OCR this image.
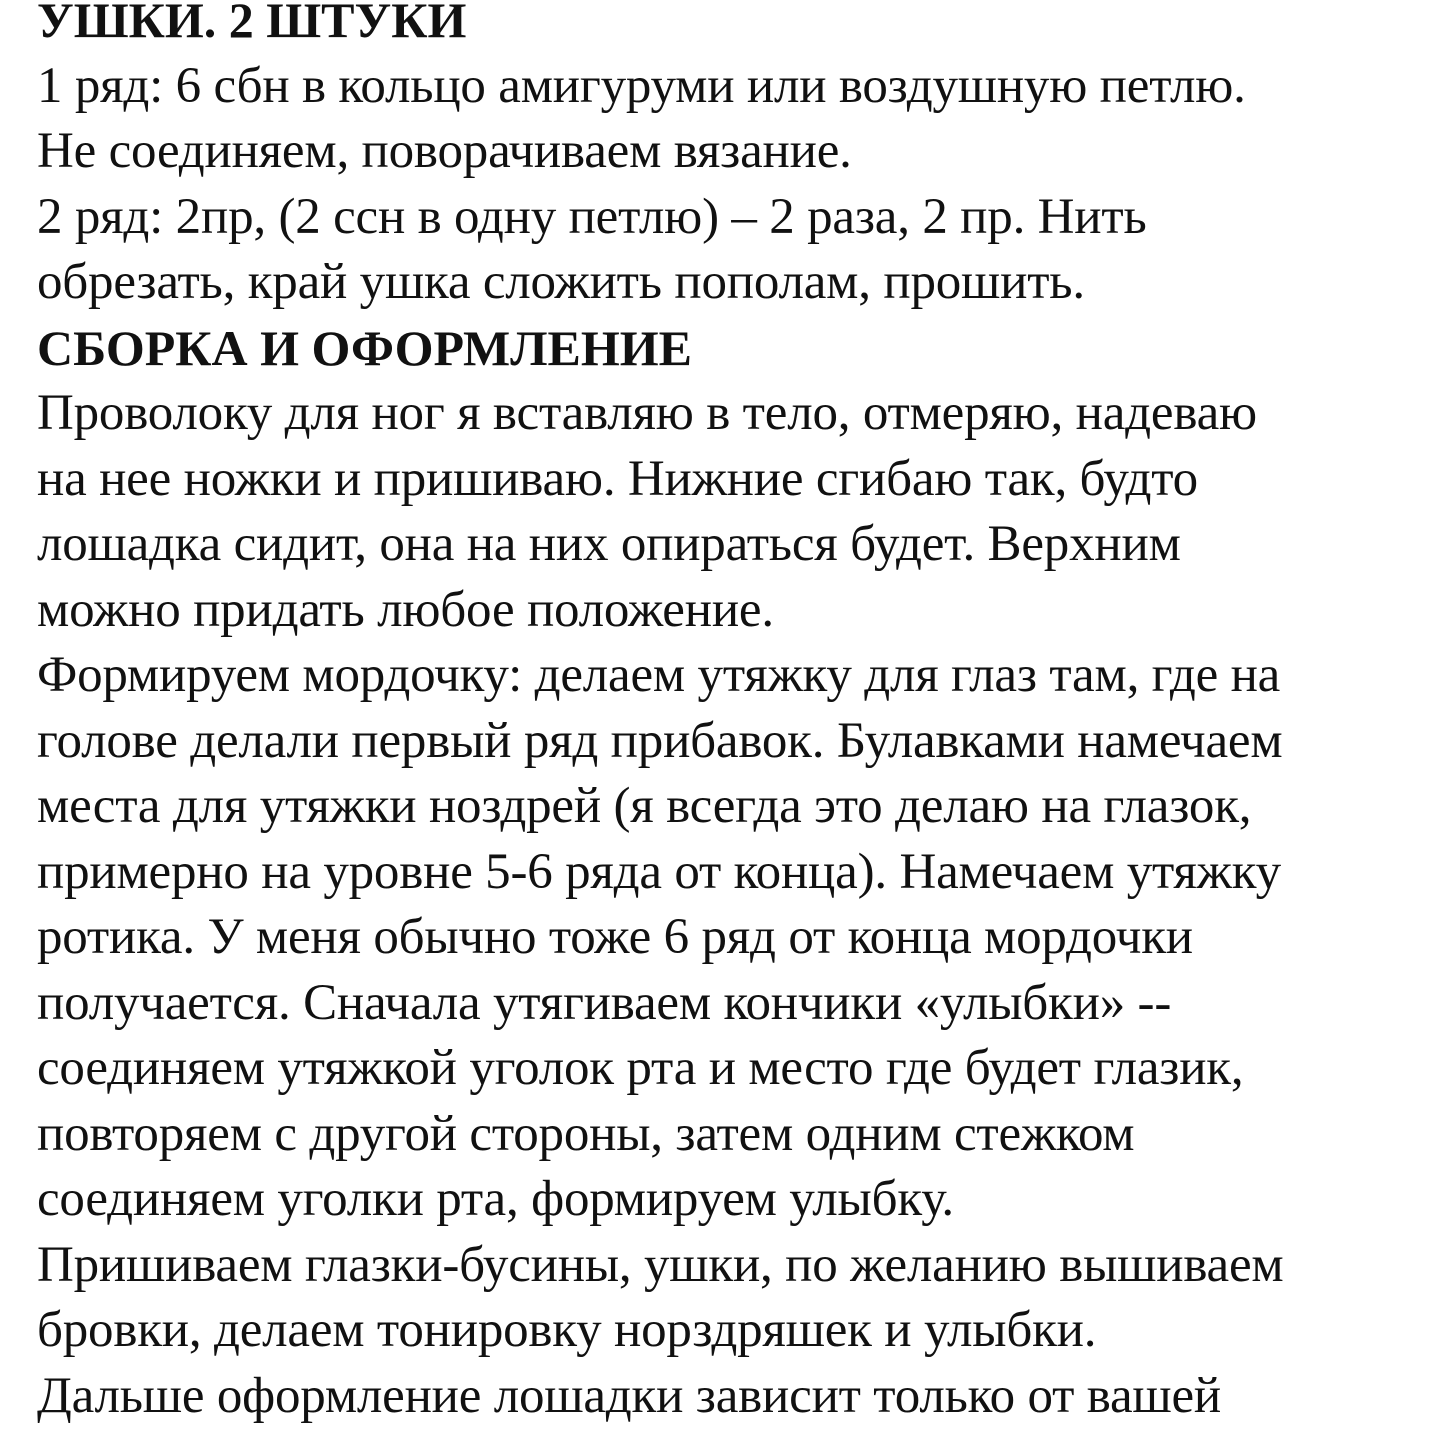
УШКИ. 2 ШТУКИ
1 ряд: 6 сбн в кольцо амигуруми или воздушную петлю.
Не соединяем, поворачиваем вязание.
2 ряд: 2пр, (2 ссн в одну петлю) – 2 раза, 2 пр. Нить
обрезать, край ушка сложить пополам, прошить.
СБОРКА И ОФОРМЛЕНИЕ
Проволоку для ног я вставляю в тело, отмеряю, надеваю
на нее ножки и пришиваю. Нижние сгибаю так, будто
лошадка сидит, она на них опираться будет. Верхним
можно придать любое положение.
Формируем мордочку: делаем утяжку для глаз там, где на
голове делали первый ряд прибавок. Булавками намечаем
места для утяжки ноздрей (я всегда это делаю на глазок,
примерно на уровне 5-6 ряда от конца). Намечаем утяжку
ротика. У меня обычно тоже 6 ряд от конца мордочки
получается. Сначала утягиваем кончики «улыбки» --
соединяем утяжкой уголок рта и место где будет глазик,
повторяем с другой стороны, затем одним стежком
соединяем уголки рта, формируем улыбку.
Пришиваем глазки-бусины, ушки, по желанию вышиваем
бровки, делаем тонировку норздряшек и улыбки.
Дальше оформление лошадки зависит только от вашей
